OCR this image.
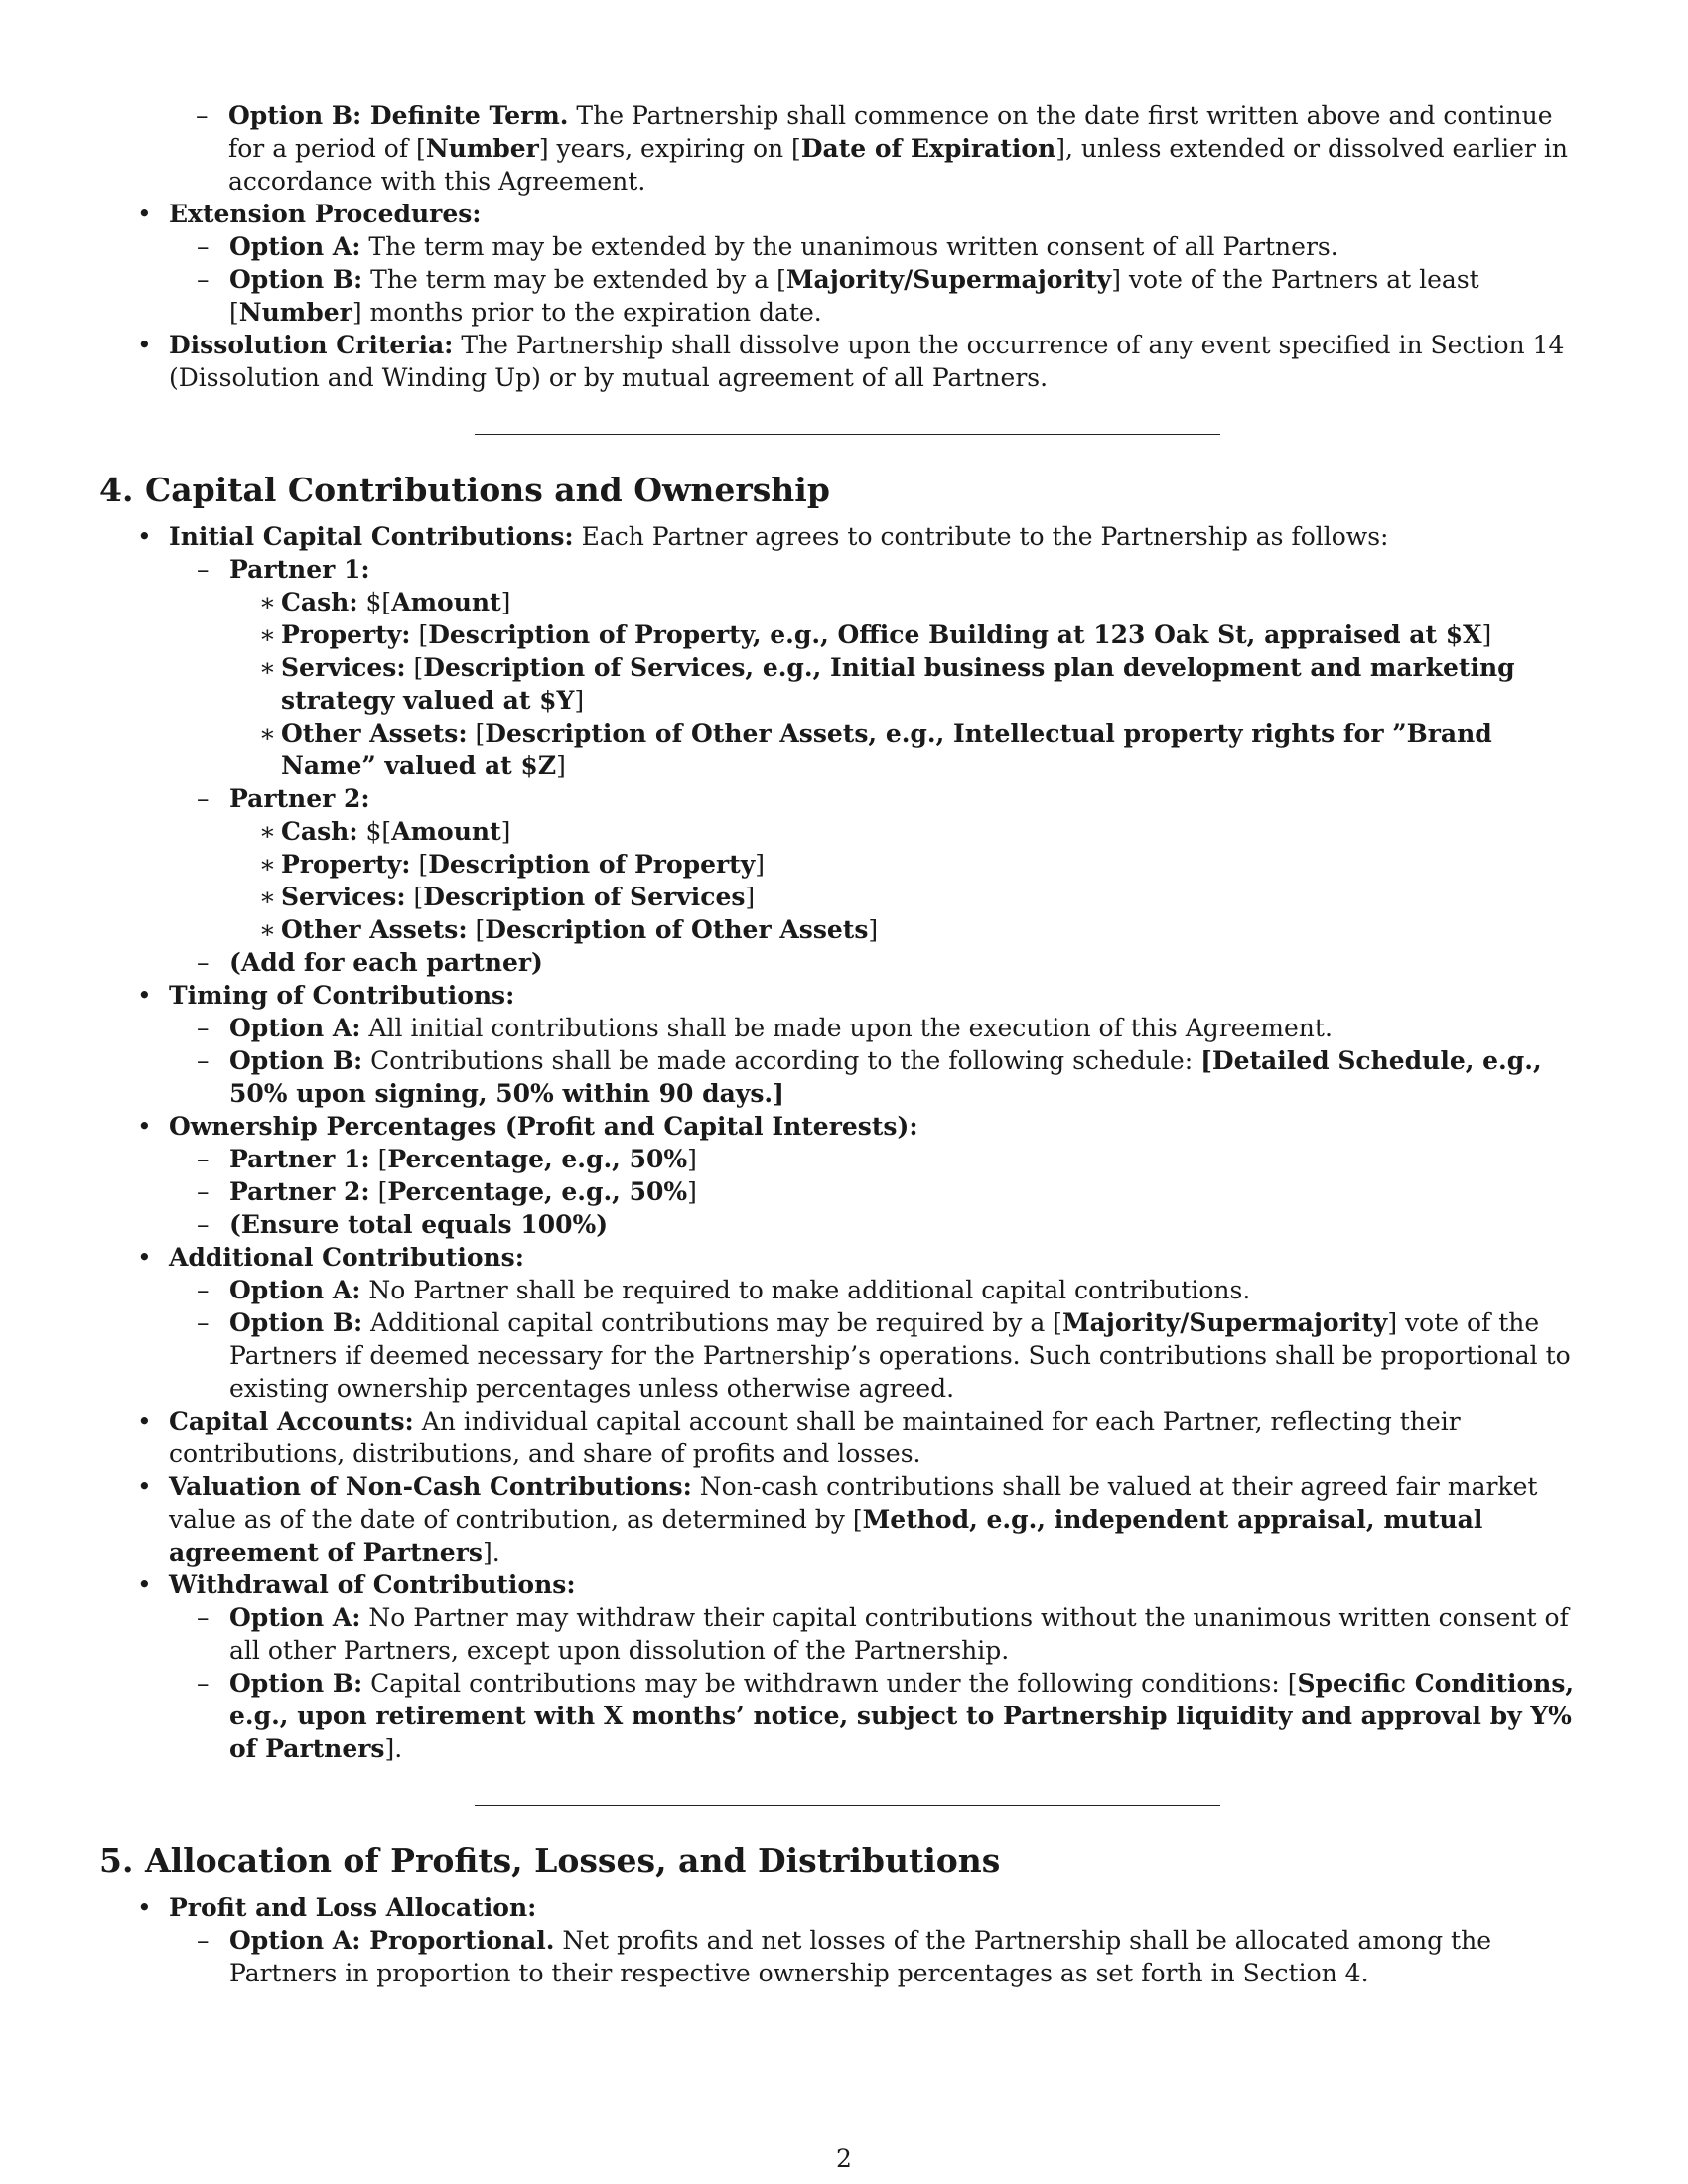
– Option B: Definite Term. The Partnership shall commence on the date first written above and continue for a period of [Number] years, expiring on [Date of Expiration], unless extended or dissolved earlier in accordance with this Agreement.
• Extension Procedures:
– Option A: The term may be extended by the unanimous written consent of all Partners.
– Option B: The term may be extended by a [Majority/Supermajority] vote of the Partners at least [Number] months prior to the expiration date.
• Dissolution Criteria: The Partnership shall dissolve upon the occurrence of any event specified in Section 14 (Dissolution and Winding Up) or by mutual agreement of all Partners.
4. Capital Contributions and Ownership
• Initial Capital Contributions: Each Partner agrees to contribute to the Partnership as follows:
– Partner 1:
∗ Cash: $[Amount]
∗ Property: [Description of Property, e.g., Office Building at 123 Oak St, appraised at $X]
∗ Services: [Description of Services, e.g., Initial business plan development and marketing strategy valued at $Y]
∗ Other Assets: [Description of Other Assets, e.g., Intellectual property rights for ”Brand Name” valued at $Z]
– Partner 2:
∗ Cash: $[Amount]
∗ Property: [Description of Property]
∗ Services: [Description of Services]
∗ Other Assets: [Description of Other Assets]
– (Add for each partner)
• Timing of Contributions:
– Option A: All initial contributions shall be made upon the execution of this Agreement.
– Option B: Contributions shall be made according to the following schedule: [Detailed Schedule, e.g., 50% upon signing, 50% within 90 days.]
• Ownership Percentages (Profit and Capital Interests):
– Partner 1: [Percentage, e.g., 50%]
– Partner 2: [Percentage, e.g., 50%]
– (Ensure total equals 100%)
• Additional Contributions:
– Option A: No Partner shall be required to make additional capital contributions.
– Option B: Additional capital contributions may be required by a [Majority/Supermajority] vote of the Partners if deemed necessary for the Partnership’s operations. Such contributions shall be proportional to existing ownership percentages unless otherwise agreed.
• Capital Accounts: An individual capital account shall be maintained for each Partner, reflecting their contributions, distributions, and share of profits and losses.
• Valuation of Non-Cash Contributions: Non-cash contributions shall be valued at their agreed fair market value as of the date of contribution, as determined by [Method, e.g., independent appraisal, mutual agreement of Partners].
• Withdrawal of Contributions:
– Option A: No Partner may withdraw their capital contributions without the unanimous written consent of all other Partners, except upon dissolution of the Partnership.
– Option B: Capital contributions may be withdrawn under the following conditions: [Specific Conditions, e.g., upon retirement with X months’ notice, subject to Partnership liquidity and approval by Y% of Partners].
5. Allocation of Profits, Losses, and Distributions
• Profit and Loss Allocation:
– Option A: Proportional. Net profits and net losses of the Partnership shall be allocated among the Partners in proportion to their respective ownership percentages as set forth in Section 4.
2
